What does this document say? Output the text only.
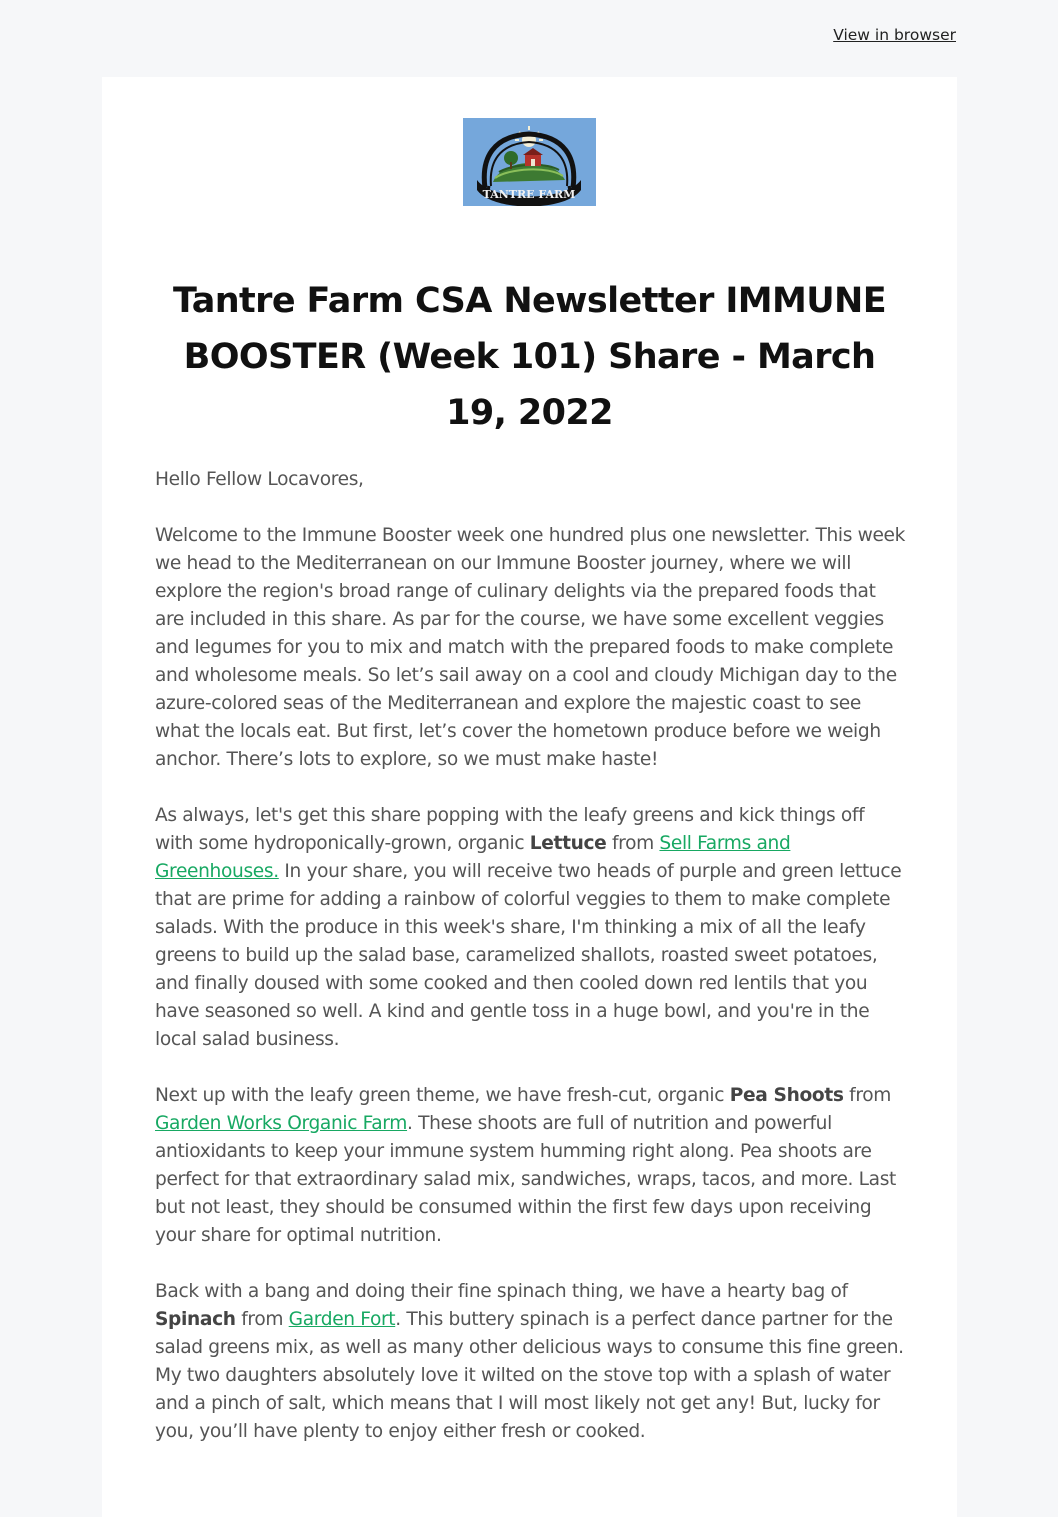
View in browser
TANTRE FARM
Tantre Farm CSA Newsletter IMMUNE BOOSTER (Week 101) Share - March 19, 2022

Hello Fellow Locavores,

Welcome to the Immune Booster week one hundred plus one newsletter. This week we head to the Mediterranean on our Immune Booster journey, where we will explore the region's broad range of culinary delights via the prepared foods that are included in this share. As par for the course, we have some excellent veggies and legumes for you to mix and match with the prepared foods to make complete and wholesome meals. So let’s sail away on a cool and cloudy Michigan day to the azure-colored seas of the Mediterranean and explore the majestic coast to see what the locals eat. But first, let’s cover the hometown produce before we weigh anchor. There’s lots to explore, so we must make haste!

As always, let's get this share popping with the leafy greens and kick things off with some hydroponically-grown, organic Lettuce from Sell Farms and Greenhouses. In your share, you will receive two heads of purple and green lettuce that are prime for adding a rainbow of colorful veggies to them to make complete salads. With the produce in this week's share, I'm thinking a mix of all the leafy greens to build up the salad base, caramelized shallots, roasted sweet potatoes, and finally doused with some cooked and then cooled down red lentils that you have seasoned so well. A kind and gentle toss in a huge bowl, and you're in the local salad business.

Next up with the leafy green theme, we have fresh-cut, organic Pea Shoots from Garden Works Organic Farm. These shoots are full of nutrition and powerful antioxidants to keep your immune system humming right along. Pea shoots are perfect for that extraordinary salad mix, sandwiches, wraps, tacos, and more. Last but not least, they should be consumed within the first few days upon receiving your share for optimal nutrition.

Back with a bang and doing their fine spinach thing, we have a hearty bag of Spinach from Garden Fort. This buttery spinach is a perfect dance partner for the salad greens mix, as well as many other delicious ways to consume this fine green. My two daughters absolutely love it wilted on the stove top with a splash of water and a pinch of salt, which means that I will most likely not get any! But, lucky for you, you’ll have plenty to enjoy either fresh or cooked.
